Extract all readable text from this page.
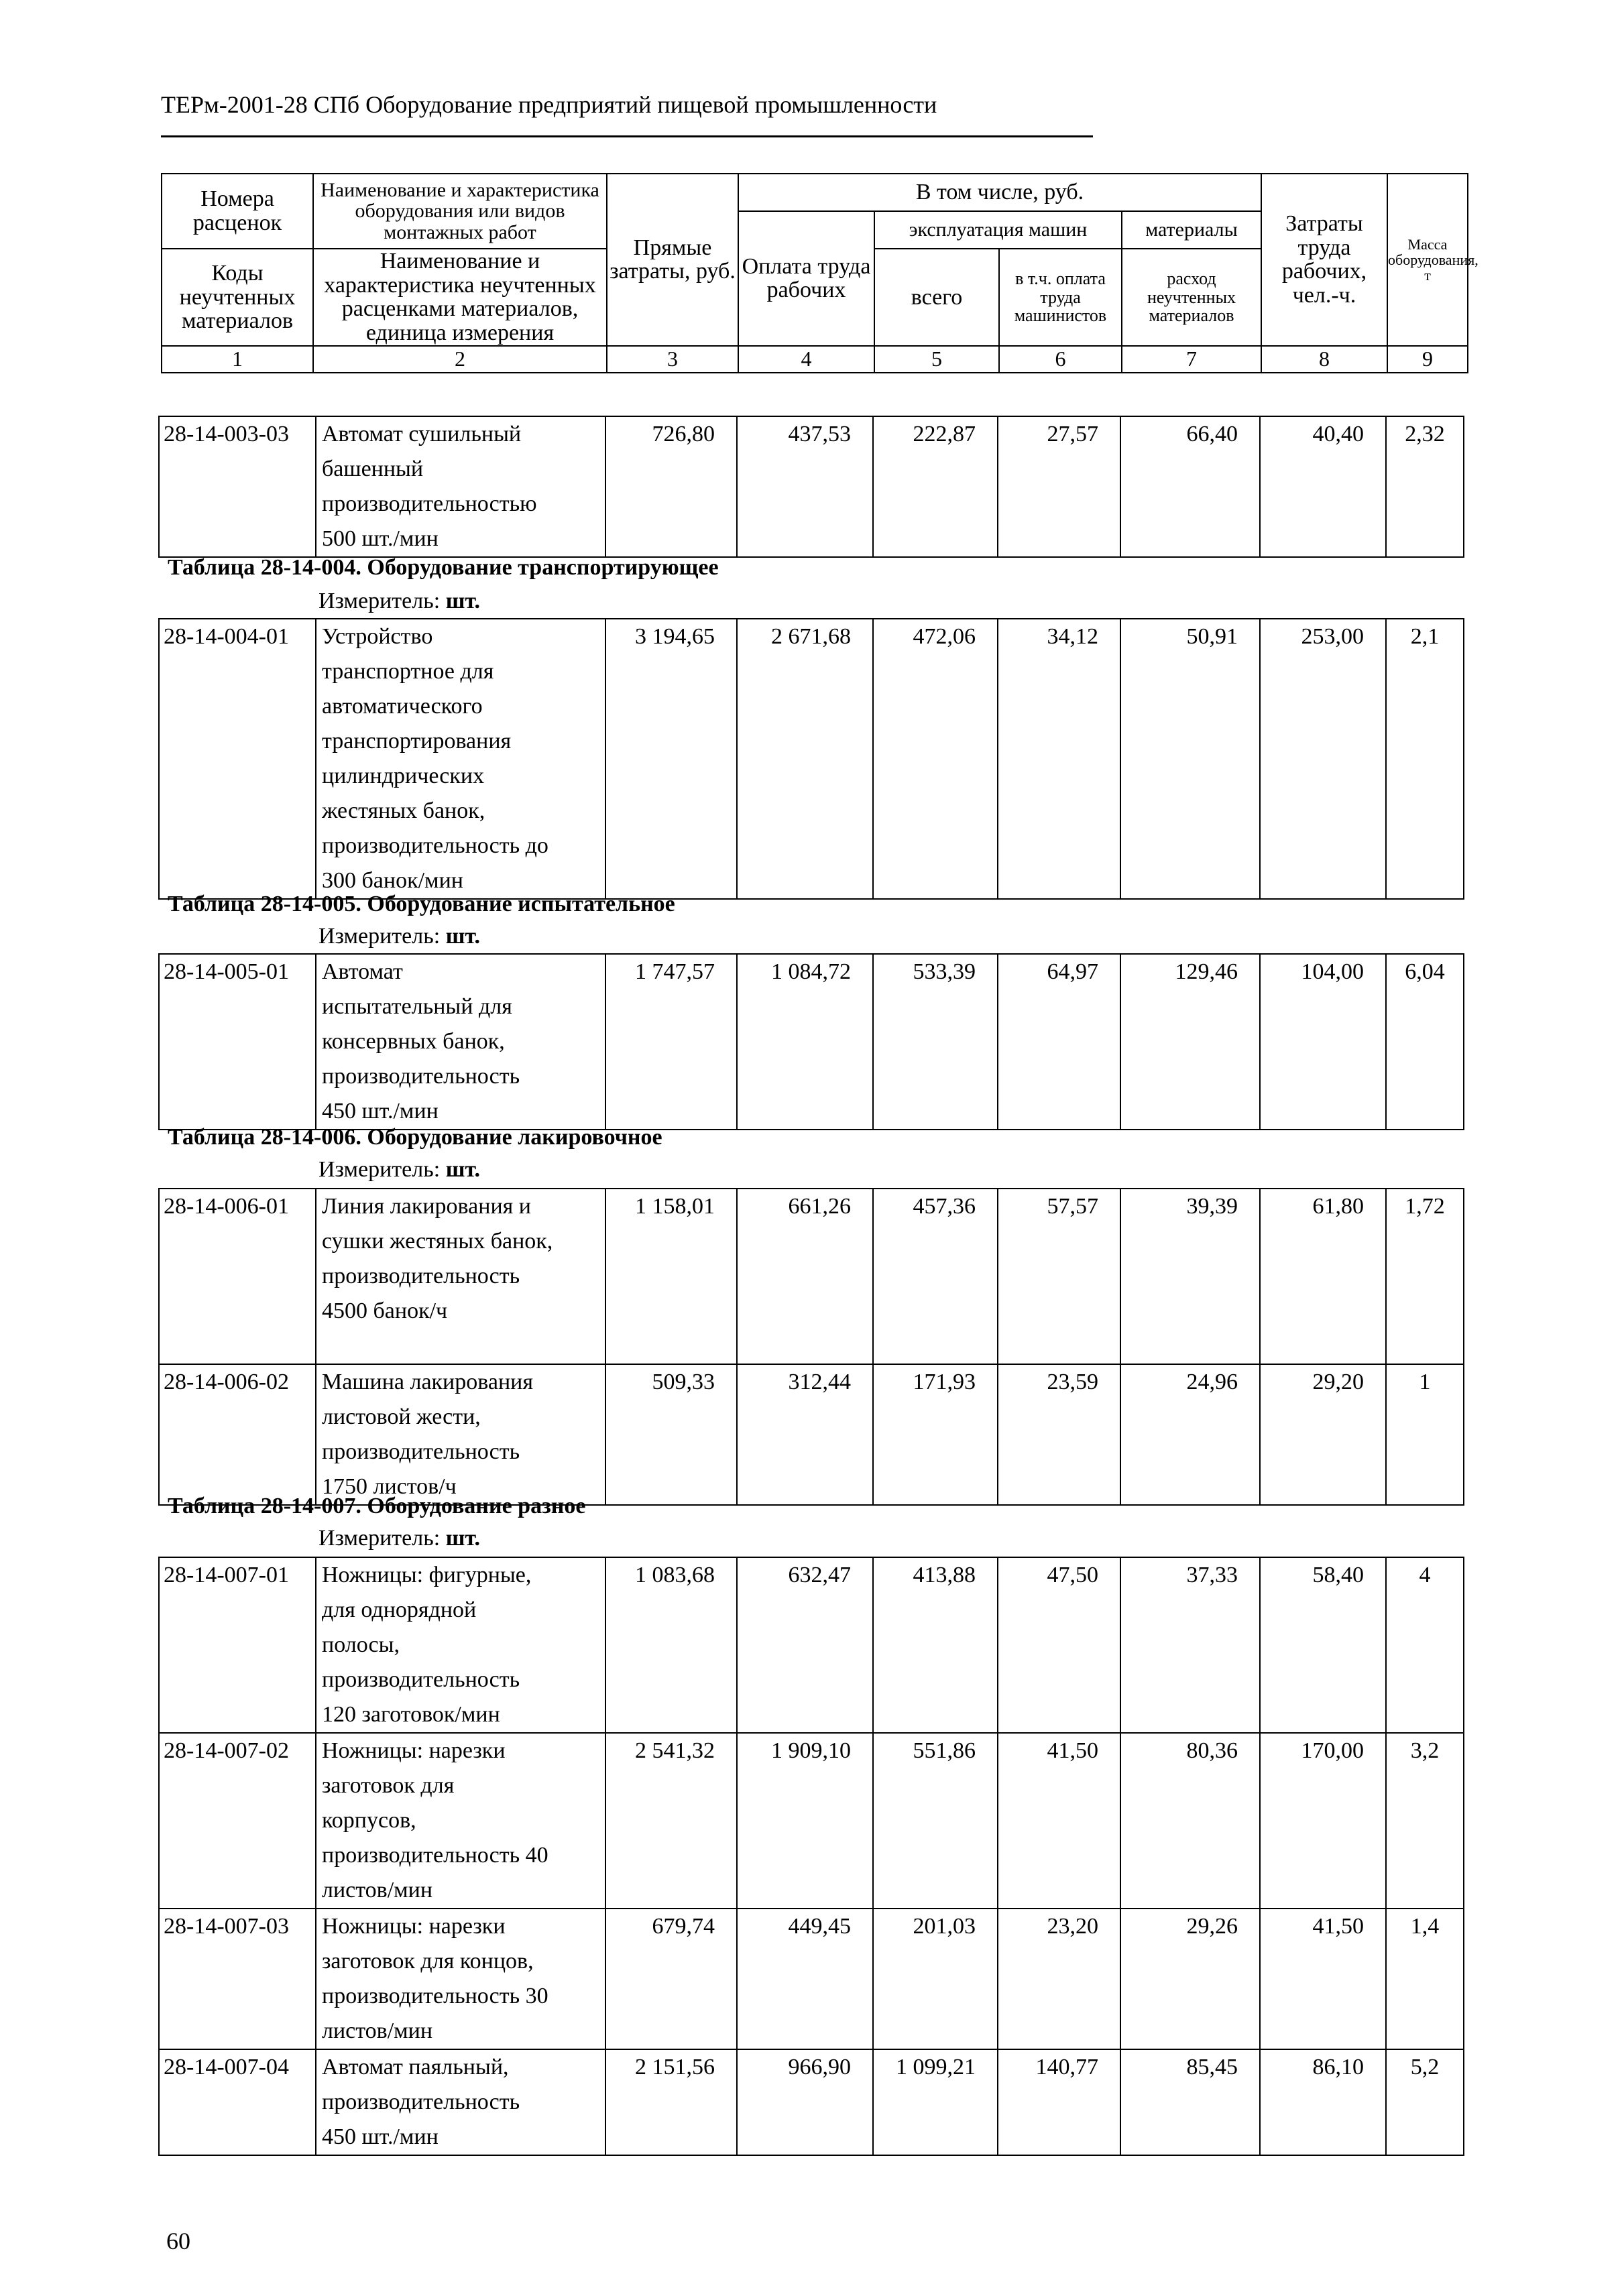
ТЕРм-2001-28 СПб Оборудование предприятий пищевой промышленности
Номера расценок	Наименование и характеристика оборудования или видов монтажных работ	Прямые затраты, руб.	В том числе, руб.				Затраты труда рабочих, чел.-ч.	Масса оборудования, т
			Оплата труда рабочих	эксплуатация машин		материалы		
Коды неучтенных материалов	Наименование и характеристика неучтенных расценками материалов, единица измерения			всего	в т.ч. оплата труда машинистов	расход неучтенных материалов		

1	2	3	4	5	6	7	8	9
28-14-003-03	Автомат сушильный
башенный
производительностью
500 шт./мин
	726,80	437,53	222,87	27,57	66,40	40,40	2,32
Таблица 28-14-004. Оборудование транспортирующее
Измеритель: шт.
28-14-004-01	Устройство
транспортное для
автоматического
транспортирования
цилиндрических
жестяных банок,
производительность до
300 банок/мин
	3 194,65	2 671,68	472,06	34,12	50,91	253,00	2,1
Таблица 28-14-005. Оборудование испытательное
Измеритель: шт.
28-14-005-01	Автомат
испытательный для
консервных банок,
производительность
450 шт./мин
	1 747,57	1 084,72	533,39	64,97	129,46	104,00	6,04
Таблица 28-14-006. Оборудование лакировочное
Измеритель: шт.
28-14-006-01	Линия лакирования и
сушки жестяных банок,
производительность
4500 банок/ч	1 158,01	661,26	457,36	57,57	39,39	61,80	1,72
28-14-006-02	Машина лакирования
листовой жести,
производительность
1750 листов/ч	509,33	312,44	171,93	23,59	24,96	29,20	1
Таблица 28-14-007. Оборудование разное
Измеритель: шт.
28-14-007-01	Ножницы: фигурные,
для однорядной
полосы,
производительность
120 заготовок/мин	1 083,68	632,47	413,88	47,50	37,33	58,40	4
28-14-007-02	Ножницы: нарезки
заготовок для
корпусов,
производительность 40
листов/мин	2 541,32	1 909,10	551,86	41,50	80,36	170,00	3,2
28-14-007-03	Ножницы: нарезки
заготовок для концов,
производительность 30
листов/мин	679,74	449,45	201,03	23,20	29,26	41,50	1,4
28-14-007-04	Автомат паяльный,
производительность
450 шт./мин	2 151,56	966,90	1 099,21	140,77	85,45	86,10	5,2
60
